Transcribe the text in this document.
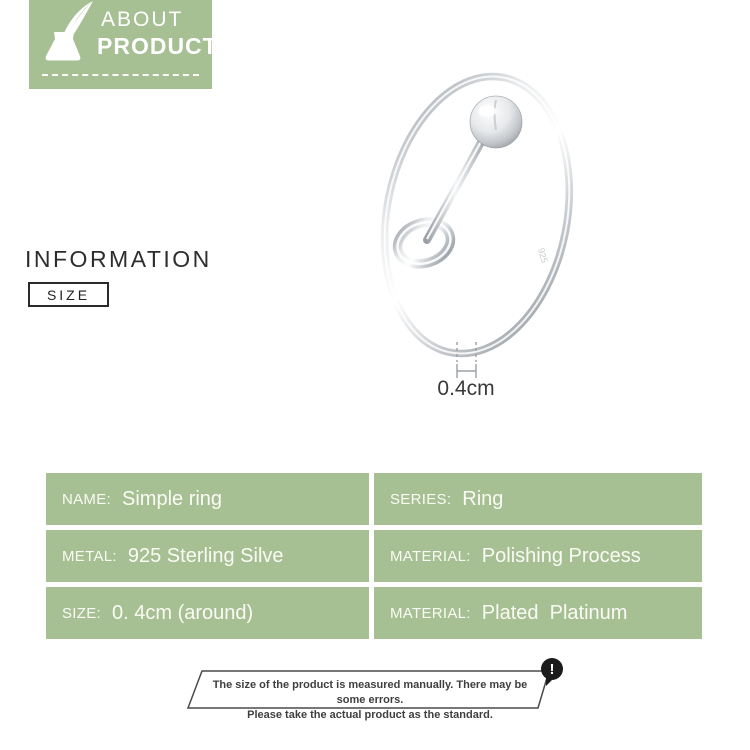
ABOUT
PRODUCT
INFORMATION
SIZE
925
0.4cm
NAME: Simple ring	SERIES: Ring
METAL: 925 Sterling Silve	MATERIAL: Polishing Process
SIZE: 0. 4cm (around)	MATERIAL: Plated  Platinum
The size of the product is measured manually. There may be some errors.
Please take the actual product as the standard.
!
